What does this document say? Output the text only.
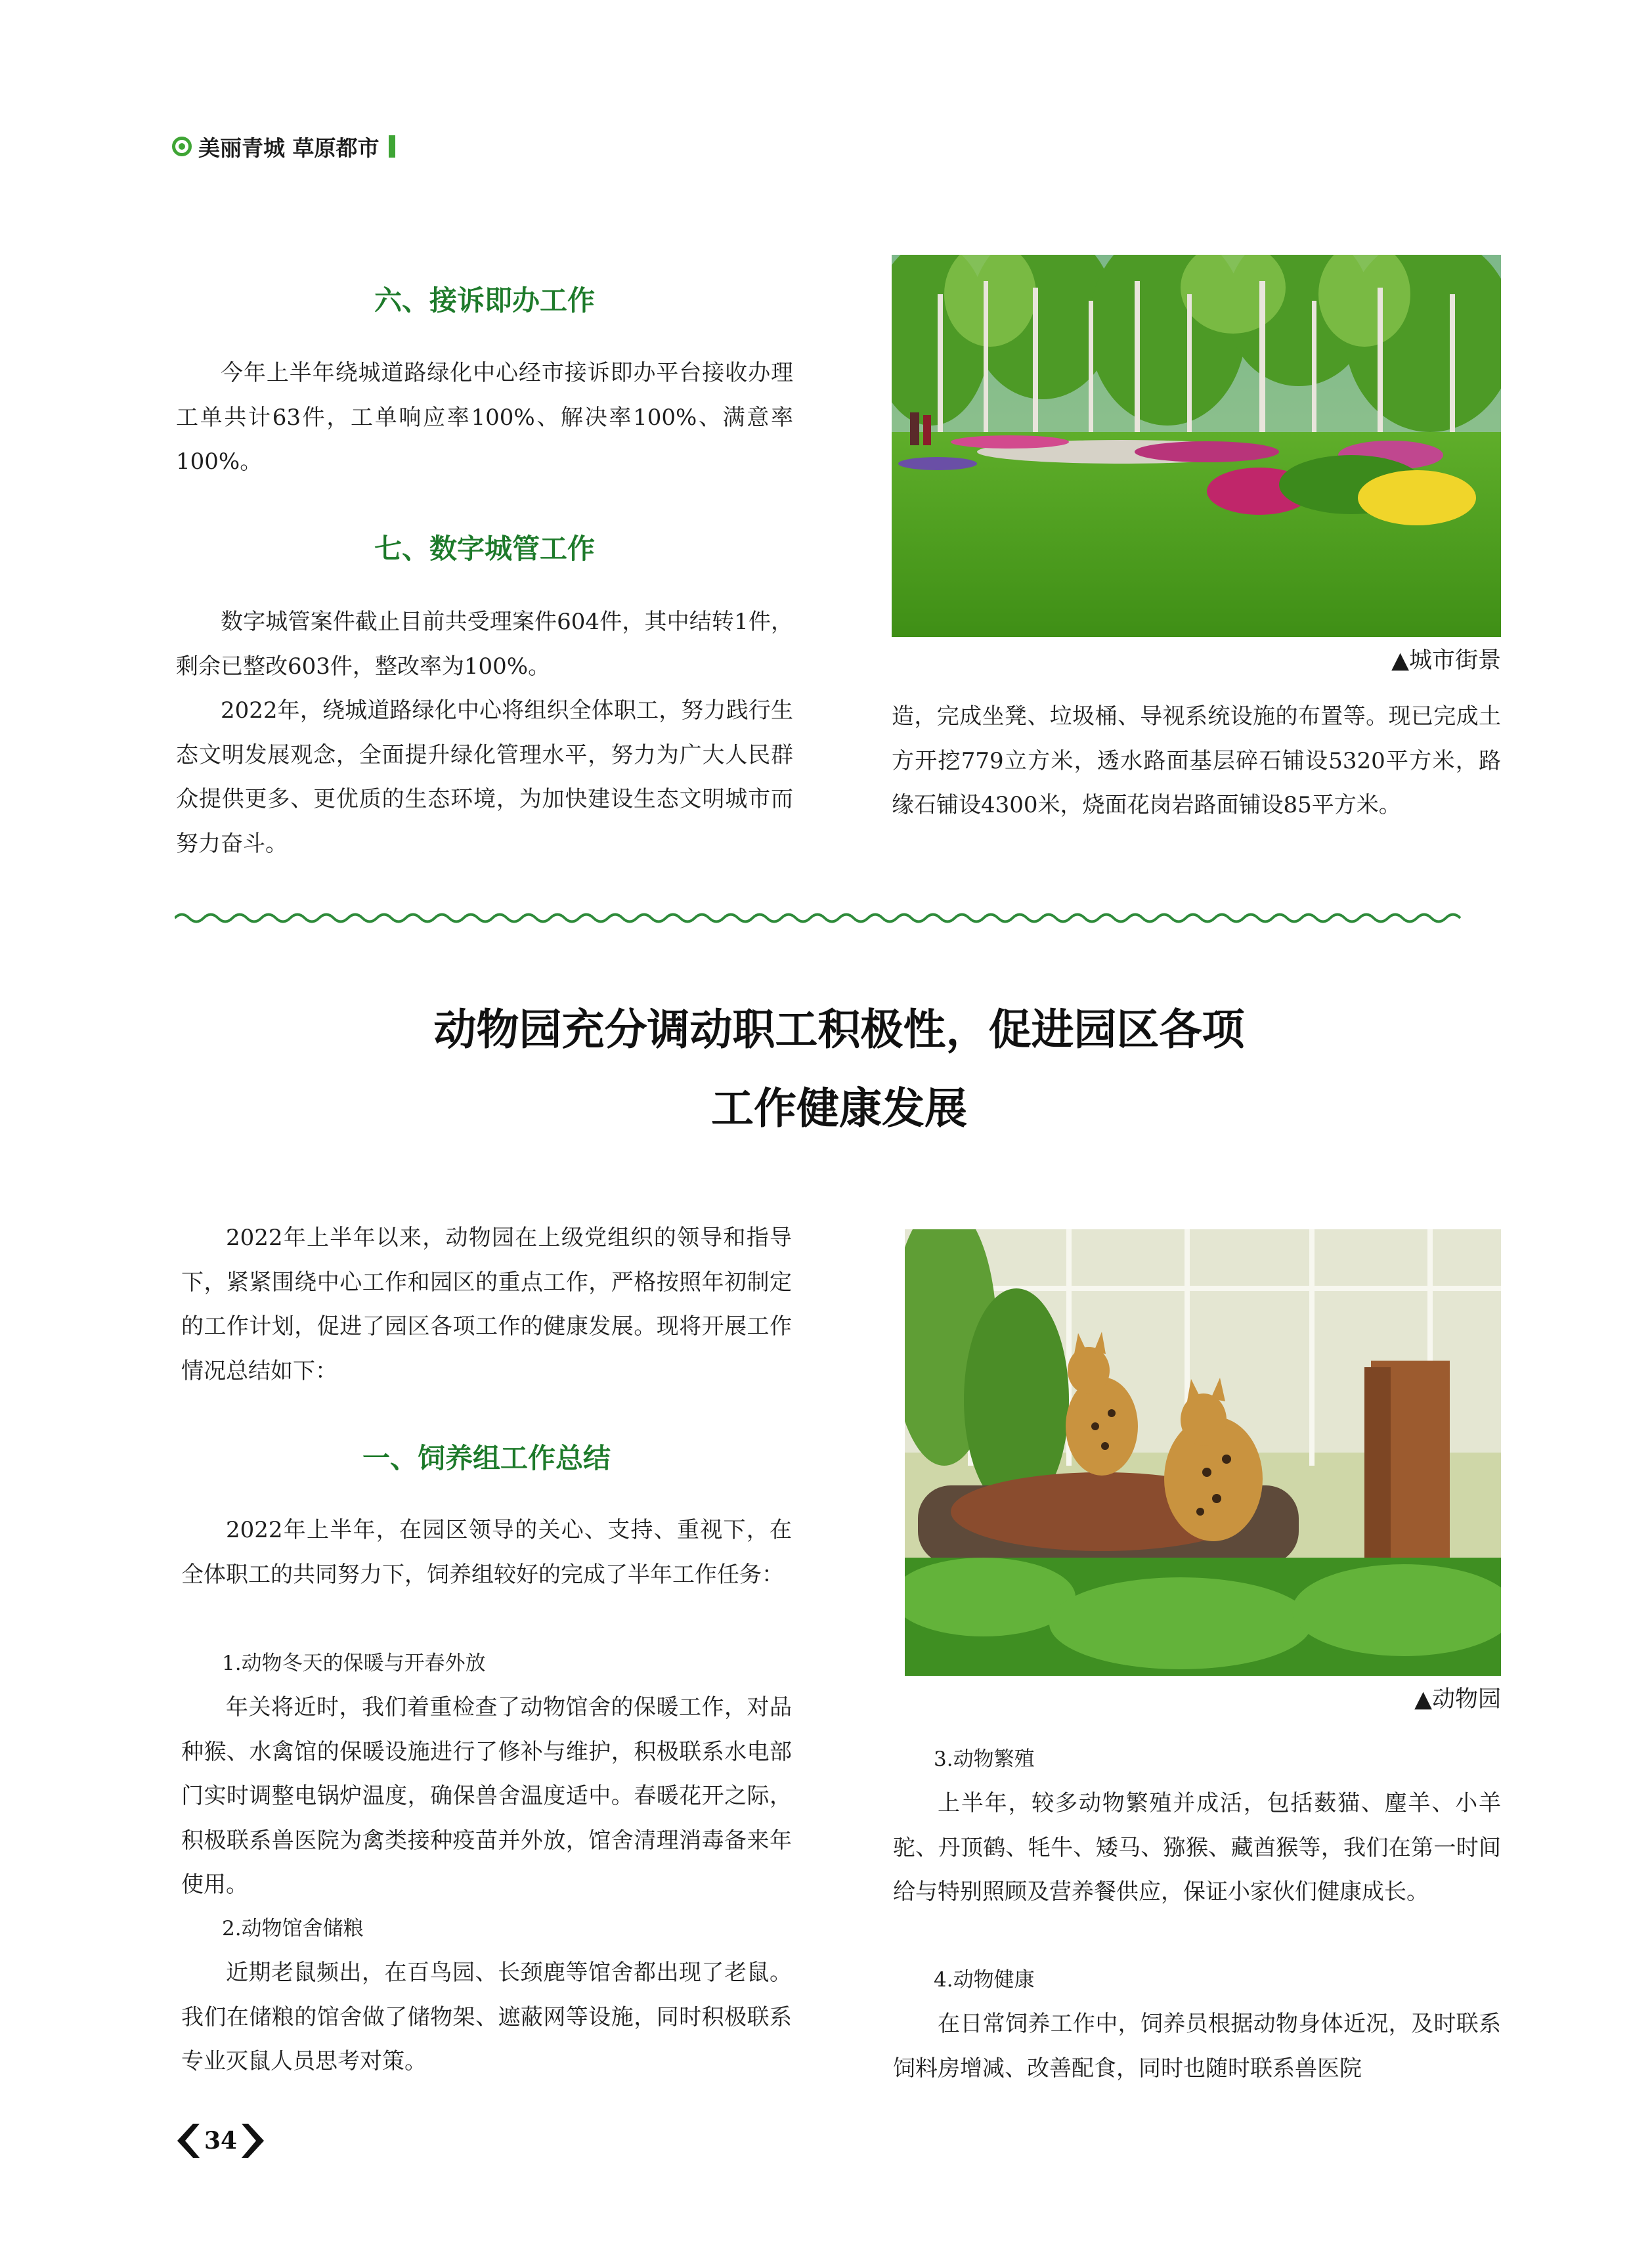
美丽青城 草原都市
六、接诉即办工作

今年上半年绕城道路绿化中心经市接诉即办平台接收办理工单共计63件，工单响应率100%、解决率100%、满意率100%。

七、数字城管工作

数字城管案件截止目前共受理案件604件，其中结转1件，剩余已整改603件，整改率为100%。

2022年，绕城道路绿化中心将组织全体职工，努力践行生态文明发展观念，全面提升绿化管理水平，努力为广大人民群众提供更多、更优质的生态环境，为加快建设生态文明城市而努力奋斗。

▲城市街景

造，完成坐凳、垃圾桶、导视系统设施的布置等。现已完成土方开挖779立方米，透水路面基层碎石铺设5320平方米，路缘石铺设4300米，烧面花岗岩路面铺设85平方米。

动物园充分调动职工积极性，促进园区各项
工作健康发展

2022年上半年以来，动物园在上级党组织的领导和指导下，紧紧围绕中心工作和园区的重点工作，严格按照年初制定的工作计划，促进了园区各项工作的健康发展。现将开展工作情况总结如下：

一、饲养组工作总结

2022年上半年，在园区领导的关心、支持、重视下，在全体职工的共同努力下，饲养组较好的完成了半年工作任务：

1.动物冬天的保暖与开春外放

年关将近时，我们着重检查了动物馆舍的保暖工作，对品种猴、水禽馆的保暖设施进行了修补与维护，积极联系水电部门实时调整电锅炉温度，确保兽舍温度适中。春暖花开之际，积极联系兽医院为禽类接种疫苗并外放，馆舍清理消毒备来年使用。

2.动物馆舍储粮

近期老鼠频出，在百鸟园、长颈鹿等馆舍都出现了老鼠。我们在储粮的馆舍做了储物架、遮蔽网等设施，同时积极联系专业灭鼠人员思考对策。

▲动物园

3.动物繁殖

上半年，较多动物繁殖并成活，包括薮猫、麈羊、小羊驼、丹顶鹤、牦牛、矮马、猕猴、藏酋猴等，我们在第一时间给与特别照顾及营养餐供应，保证小家伙们健康成长。

4.动物健康

在日常饲养工作中，饲养员根据动物身体近况，及时联系饲料房增减、改善配食，同时也随时联系兽医院

34
